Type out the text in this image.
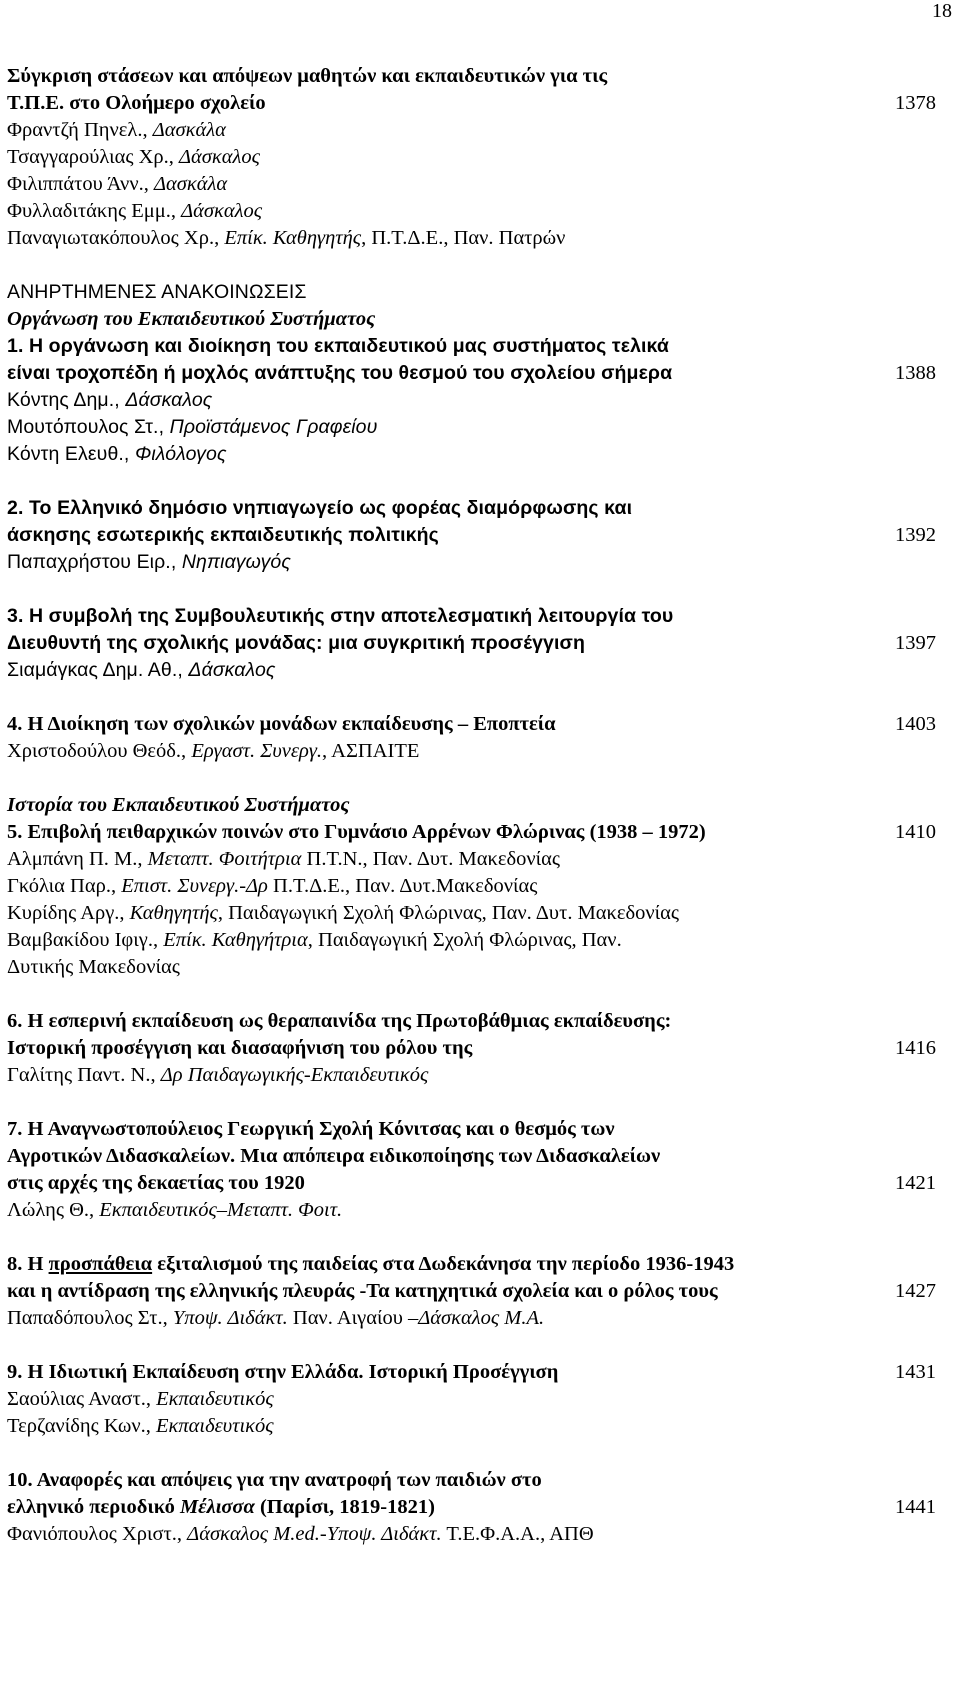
18
Σύγκριση στάσεων και απόψεων μαθητών και εκπαιδευτικών για τις
Τ.Π.Ε. στο Ολοήμερο σχολείο	1378
Φραντζή Πηνελ., Δασκάλα
Τσαγγαρούλιας Χρ., Δάσκαλος
Φιλιππάτου Άνν., Δασκάλα
Φυλλαδιτάκης Εμμ., Δάσκαλος
Παναγιωτακόπουλος Χρ., Επίκ. Καθηγητής, Π.Τ.Δ.Ε., Παν. Πατρών
ΑΝΗΡΤΗΜΕΝΕΣ ΑΝΑΚΟΙΝΩΣΕΙΣ
Οργάνωση του Εκπαιδευτικού Συστήματος
1. Η οργάνωση και διοίκηση του εκπαιδευτικού μας συστήματος τελικά
είναι τροχοπέδη ή μοχλός ανάπτυξης του θεσμού του σχολείου σήμερα	1388
Κόντης Δημ., Δάσκαλος
Μουτόπουλος Στ., Προϊστάμενος Γραφείου
Κόντη Ελευθ., Φιλόλογος
2. Το Ελληνικό δημόσιο νηπιαγωγείο ως φορέας διαμόρφωσης και
άσκησης εσωτερικής εκπαιδευτικής πολιτικής	1392
Παπαχρήστου Ειρ., Νηπιαγωγός
3. Η συμβολή της Συμβουλευτικής στην αποτελεσματική λειτουργία του
Διευθυντή της σχολικής μονάδας: μια συγκριτική προσέγγιση	1397
Σιαμάγκας Δημ. Αθ., Δάσκαλος
4. Η Διοίκηση των σχολικών μονάδων εκπαίδευσης – Εποπτεία	1403
Χριστοδούλου Θεόδ., Εργαστ. Συνεργ., ΑΣΠΑΙΤΕ
Ιστορία του Εκπαιδευτικού Συστήματος
5. Επιβολή πειθαρχικών ποινών στο Γυμνάσιο Αρρένων Φλώρινας (1938 – 1972)	1410
Αλμπάνη Π. Μ., Μεταπτ. Φοιτήτρια Π.Τ.Ν., Παν. Δυτ. Μακεδονίας
Γκόλια Παρ., Επιστ. Συνεργ.-Δρ Π.Τ.Δ.Ε., Παν. Δυτ.Μακεδονίας
Κυρίδης Αργ., Καθηγητής, Παιδαγωγική Σχολή Φλώρινας, Παν. Δυτ. Μακεδονίας
Βαμβακίδου Ιφιγ., Επίκ. Καθηγήτρια, Παιδαγωγική Σχολή Φλώρινας, Παν.
Δυτικής Μακεδονίας
6. Η εσπερινή εκπαίδευση ως θεραπαινίδα της Πρωτοβάθμιας εκπαίδευσης:
Ιστορική προσέγγιση και διασαφήνιση του ρόλου της	1416
Γαλίτης Παντ. Ν., Δρ Παιδαγωγικής-Εκπαιδευτικός
7. Η Αναγνωστοπούλειος Γεωργική Σχολή Κόνιτσας και ο θεσμός των
Αγροτικών Διδασκαλείων. Μια απόπειρα ειδικοποίησης των Διδασκαλείων
στις αρχές της δεκαετίας του 1920	1421
Λώλης Θ., Εκπαιδευτικός–Μεταπτ. Φοιτ.
8. Η προσπάθεια εξιταλισμού της παιδείας στα Δωδεκάνησα την περίοδο 1936-1943
και η αντίδραση της ελληνικής πλευράς -Τα κατηχητικά σχολεία και ο ρόλος τους	1427
Παπαδόπουλος Στ., Υποψ. Διδάκτ. Παν. Αιγαίου –Δάσκαλος Μ.Α.
9. Η Ιδιωτική Εκπαίδευση στην Ελλάδα. Ιστορική Προσέγγιση	1431
Σαούλιας Αναστ., Εκπαιδευτικός
Τερζανίδης Κων., Εκπαιδευτικός
10. Αναφορές και απόψεις για την ανατροφή των παιδιών στο
ελληνικό περιοδικό Μέλισσα (Παρίσι, 1819-1821)	1441
Φανιόπουλος Χριστ., Δάσκαλος M.ed.-Υποψ. Διδάκτ. Τ.Ε.Φ.Α.Α., ΑΠΘ
